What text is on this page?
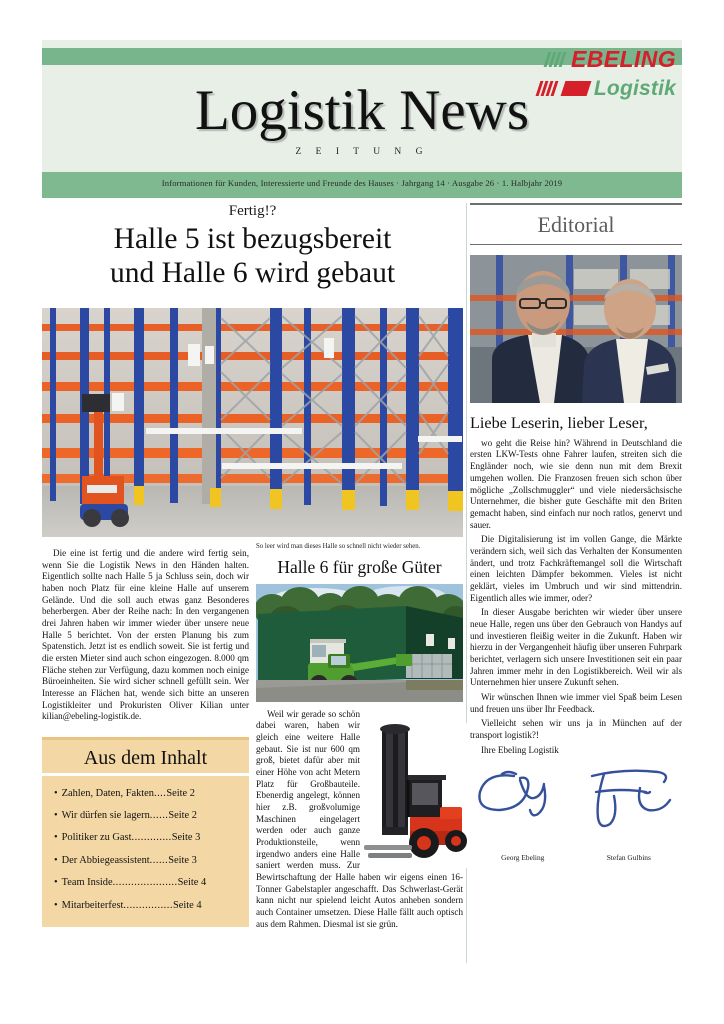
EBELING
Logistik
Logistik News
Z E I T U N G
Informationen für Kunden, Interessierte und Freunde des Hauses · Jahrgang 14 · Ausgabe 26 · 1. Halbjahr 2019
Fertig!?
Halle 5 ist bezugsbereit
und Halle 6 wird gebaut

Die eine ist fertig und die andere wird fertig sein, wenn Sie die Logistik News in den Händen halten. Eigentlich sollte nach Halle 5 ja Schluss sein, doch wir haben noch Platz für eine kleine Halle auf unserem Gelände. Und die soll auch etwas ganz Besonderes beherbergen. Aber der Reihe nach: In den vergangenen drei Jahren haben wir immer wieder über unsere neue Halle 5 berichtet. Von der ersten Planung bis zum Spatenstich. Jetzt ist es endlich soweit. Sie ist fertig und die ersten Mieter sind auch schon eingezogen. 8.000 qm Fläche stehen zur Verfügung, dazu kommen noch einige Büroeinheiten. Sie wird sicher schnell gefüllt sein. Wer Interesse an Flächen hat, wende sich bitte an unseren Logistikleiter und Prokuristen Oliver Kilian unter kilian@ebeling-logistik.de.

Aus dem Inhalt
• Zahlen, Daten, Fakten....Seite 2
• Wir dürfen sie lagern......Seite 2
• Politiker zu Gast.............Seite 3
• Der Abbiegeassistent......Seite 3
• Team Inside.....................Seite 4
• Mitarbeiterfest................Seite 4
So leer wird man dieses Halle so schnell nicht wieder sehen.
Halle 6 für große Güter

Weil wir gerade so schön dabei waren, haben wir gleich eine weitere Halle gebaut. Sie ist nur 600 qm groß, bietet dafür aber mit einer Höhe von acht Metern Platz für Großbauteile. Ebenerdig angelegt, können hier z.B. großvolumige Maschinen eingelagert werden oder auch ganze Produktionsteile, wenn irgendwo anders eine Halle saniert werden muss. Zur Bewirtschaftung der Halle haben wir eigens einen 16-Tonner Gabelstapler angeschafft. Das Schwerlast-Gerät kann nicht nur spielend leicht Autos anheben sondern auch Container umsetzen. Diese Halle fällt auch optisch aus dem Rahmen. Diesmal ist sie grün.

Editorial
Liebe Leserin, lieber Leser,

wo geht die Reise hin? Während in Deutschland die ersten LKW-Tests ohne Fahrer laufen, streiten sich die Engländer noch, wie sie denn nun mit dem Brexit umgehen wollen. Die Franzosen freuen sich schon über mögliche „Zollschmuggler“ und viele niedersächsische Unternehmer, die bisher gute Geschäfte mit den Briten gemacht haben, sind einfach nur noch ratlos, genervt und sauer.

Die Digitalisierung ist im vollen Gange, die Märkte verändern sich, weil sich das Verhalten der Konsumenten ändert, und trotz Fachkräftemangel soll die Wirtschaft einen leichten Dämpfer bekommen. Vieles ist nicht geklärt, vieles im Umbruch und wir sind mittendrin. Eigentlich alles wie immer, oder?

In dieser Ausgabe berichten wir wieder über unsere neue Halle, regen uns über den Gebrauch von Handys auf und investieren fleißig weiter in die Zukunft. Haben wir hierzu in der Vergangenheit häufig über unseren Fuhrpark berichtet, verlagern sich unsere Investitionen seit ein paar Jahren immer mehr in den Logistikbereich. Weil wir als Unternehmen hier unsere Zukunft sehen.

Wir wünschen Ihnen wie immer viel Spaß beim Lesen und freuen uns über Ihr Feedback.

Vielleicht sehen wir uns ja in München auf der transport logistik?!

Ihre Ebeling Logistik

Georg Ebeling	Stefan Gulbins
